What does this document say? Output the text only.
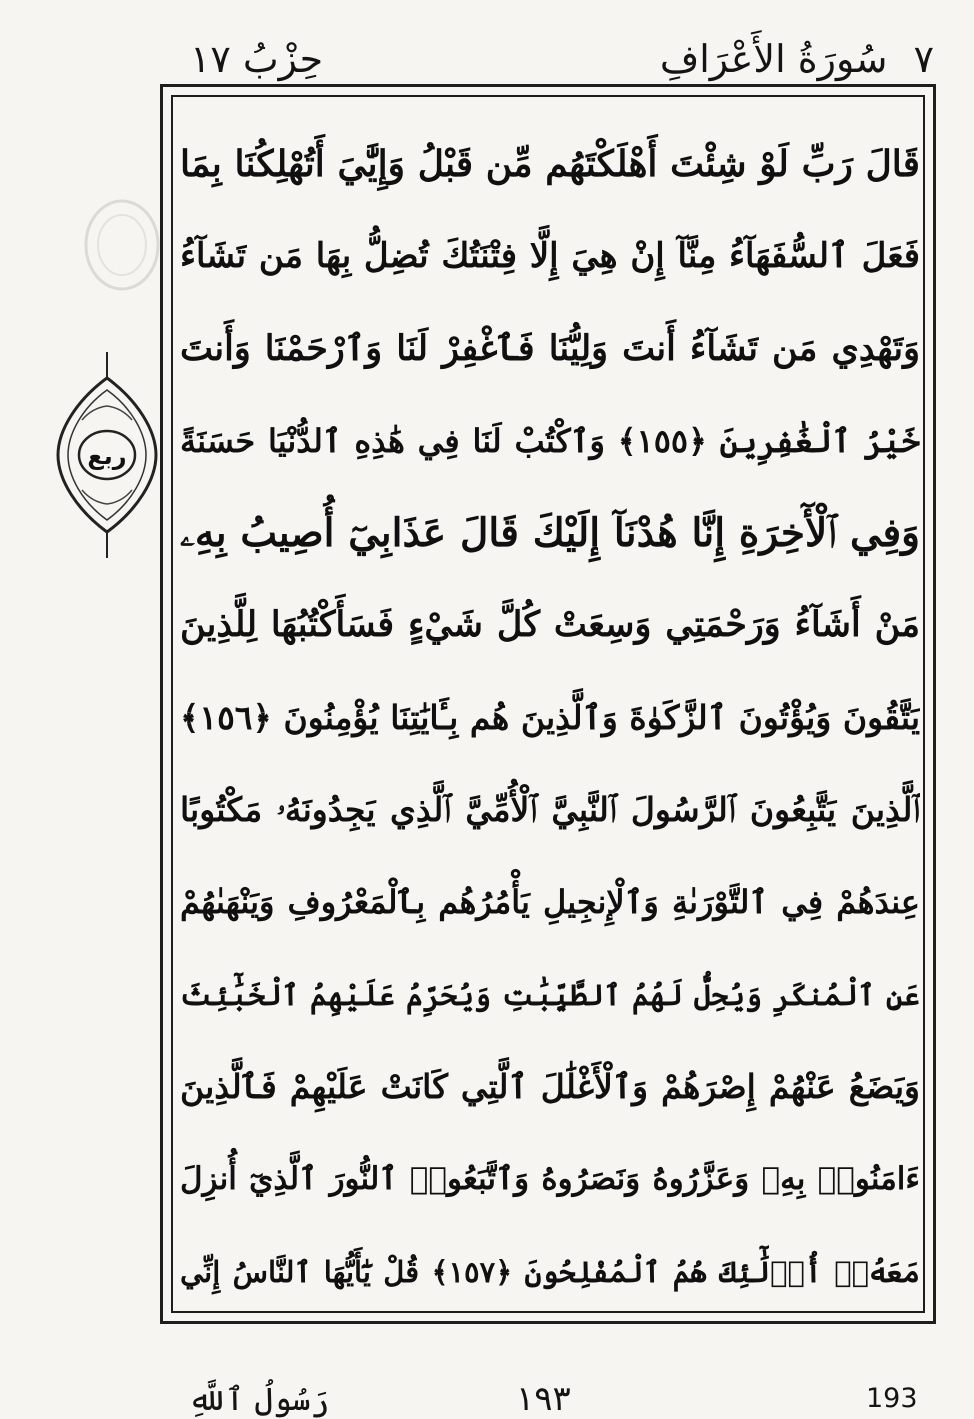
٧ سُورَةُ الأَعْرَافِ
حِزْبُ ١٧
ربع
قَالَ رَبِّ لَوْ شِئْتَ أَهْلَكْتَهُم مِّن قَبْلُ وَإِيَّٰيَ أَتُهْلِكُنَا بِمَا
فَعَلَ ٱلسُّفَهَآءُ مِنَّآ إِنْ هِيَ إِلَّا فِتْنَتُكَ تُضِلُّ بِهَا مَن تَشَآءُ
وَتَهْدِي مَن تَشَآءُ أَنتَ وَلِيُّنَا فَٱغْفِرْ لَنَا وَٱرْحَمْنَا وَأَنتَ
خَيْرُ ٱلْغَٰفِرِينَ ﴿١٥٥﴾ وَٱكْتُبْ لَنَا فِي هَٰذِهِ ٱلدُّنْيَا حَسَنَةً
وَفِي ٱلْأٓخِرَةِ إِنَّا هُدْنَآ إِلَيْكَ قَالَ عَذَابِيٓ أُصِيبُ بِهِۦ
مَنْ أَشَآءُ وَرَحْمَتِي وَسِعَتْ كُلَّ شَيْءٍ فَسَأَكْتُبُهَا لِلَّذِينَ
يَتَّقُونَ وَيُؤْتُونَ ٱلزَّكَوٰةَ وَٱلَّذِينَ هُم بِـَٔايَٰتِنَا يُؤْمِنُونَ ﴿١٥٦﴾
ٱلَّذِينَ يَتَّبِعُونَ ٱلرَّسُولَ ٱلنَّبِيَّ ٱلْأُمِّيَّ ٱلَّذِي يَجِدُونَهُۥ مَكْتُوبًا
عِندَهُمْ فِي ٱلتَّوْرَىٰةِ وَٱلْإِنجِيلِ يَأْمُرُهُم بِٱلْمَعْرُوفِ وَيَنْهَىٰهُمْ
عَنِ ٱلْمُنكَرِ وَيُحِلُّ لَهُمُ ٱلطَّيِّبَٰتِ وَيُحَرِّمُ عَلَيْهِمُ ٱلْخَبَٰٓئِثَ
وَيَضَعُ عَنْهُمْ إِصْرَهُمْ وَٱلْأَغْلَٰلَ ٱلَّتِي كَانَتْ عَلَيْهِمْ فَٱلَّذِينَ
ءَامَنُوا۟ بِهِۦ وَعَزَّرُوهُ وَنَصَرُوهُ وَٱتَّبَعُوا۟ ٱلنُّورَ ٱلَّذِيٓ أُنزِلَ
مَعَهُۥٓ أُو۟لَٰٓئِكَ هُمُ ٱلْمُفْلِحُونَ ﴿١٥٧﴾ قُلْ يَٰٓأَيُّهَا ٱلنَّاسُ إِنِّي
رَسُولُ ٱللَّهِ	١٩٣	193
